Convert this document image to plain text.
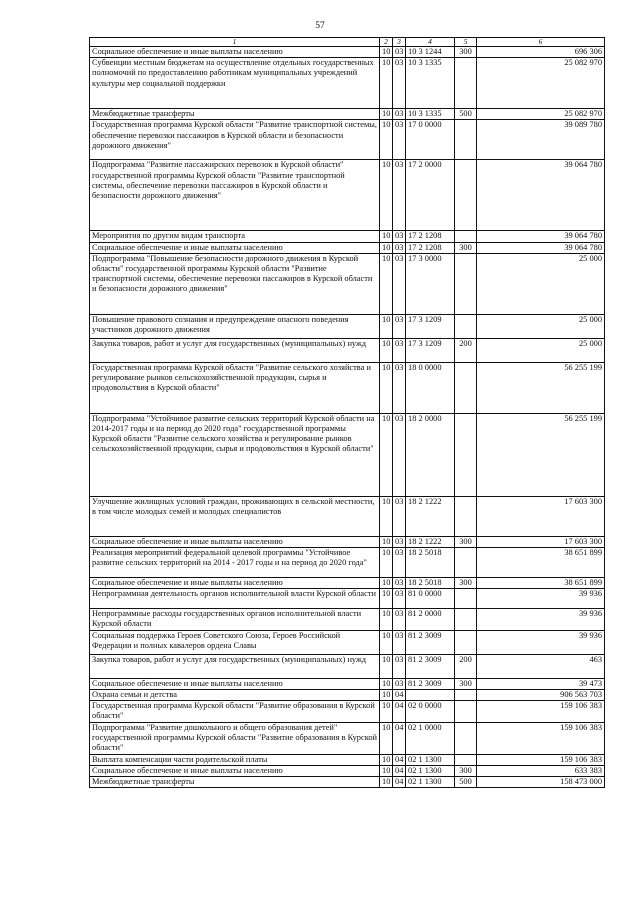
57
1	2	3	4	5	6
Социальное обеспечение и иные выплаты населению	10	03	10 3 1244	300	696 306
Субвенции местным бюджетам на осуществление отдельных государственных полномочий по предоставлению работникам муниципальных учреждений культуры мер социальной поддержки	10	03	10 3 1335		25 082 970
Межбюджетные трансферты	10	03	10 3 1335	500	25 082 970
Государственная программа Курской области "Развитие транспортной системы, обеспечение перевозки пассажиров в Курской области и безопасности дорожного движения"	10	03	17 0 0000		39 089 780
Подпрограмма "Развитие пассажирских перевозок в Курской области" государственной программы Курской области "Развитие транспортной системы, обеспечение перевозки пассажиров в Курской области и безопасности дорожного движения"	10	03	17 2 0000		39 064 780
Мероприятия по другим видам транспорта	10	03	17 2 1208		39 064 780
Социальное обеспечение и иные выплаты населению	10	03	17 2 1208	300	39 064 780
Подпрограмма "Повышение безопасности дорожного движения в Курской области" государственной программы Курской области "Развитие транспортной системы, обеспечение перевозки пассажиров в Курской области и безопасности дорожного движения"	10	03	17 3 0000		25 000
Повышение правового сознания и предупреждение опасного поведения участников дорожного движения	10	03	17 3 1209		25 000
Закупка товаров, работ и услуг для государственных (муниципальных) нужд	10	03	17 3 1209	200	25 000
Государственная программа Курской области "Развитие сельского хозяйства и регулирование рынков сельскохозяйственной продукции, сырья и продовольствия в Курской области"	10	03	18 0 0000		56 255 199
Подпрограмма "Устойчивое развитие сельских территорий Курской области на 2014-2017 годы и на период до 2020 года" государственной программы Курской области "Развитие сельского хозяйства и регулирование рынков сельскохозяйственной продукции, сырья и продовольствия в Курской области"	10	03	18 2 0000		56 255 199
Улучшение жилищных условий граждан, проживающих в сельской местности, в том числе молодых семей и молодых специалистов	10	03	18 2 1222		17 603 300
Социальное обеспечение и иные выплаты населению	10	03	18 2 1222	300	17 603 300
Реализация мероприятий федеральной целевой программы "Устойчивое развитие сельских территорий на 2014 - 2017 годы и на период до 2020 года"	10	03	18 2 5018		38 651 899
Социальное обеспечение и иные выплаты населению	10	03	18 2 5018	300	38 651 899
Непрограммная деятельность органов исполнительной власти Курской области	10	03	81 0 0000		39 936
Непрограммные расходы государственных органов исполнительной власти Курской области	10	03	81 2 0000		39 936
Социальная поддержка Героев Советского Союза, Героев Российской Федерации и полных кавалеров ордена Славы	10	03	81 2 3009		39 936
Закупка товаров, работ и услуг для государственных (муниципальных) нужд	10	03	81 2 3009	200	463
Социальное обеспечение и иные выплаты населению	10	03	81 2 3009	300	39 473
Охрана семьи и детства	10	04			906 563 703
Государственная программа Курской области "Развитие образования в Курской области"	10	04	02 0 0000		159 106 383
Подпрограмма "Развитие дошкольного и общего образования детей" государственной программы Курской области "Развитие образования в Курской области"	10	04	02 1 0000		159 106 383
Выплата компенсации части родительской платы	10	04	02 1 1300		159 106 383
Социальное обеспечение и иные выплаты населению	10	04	02 1 1300	300	633 383
Межбюджетные трансферты	10	04	02 1 1300	500	158 473 000
